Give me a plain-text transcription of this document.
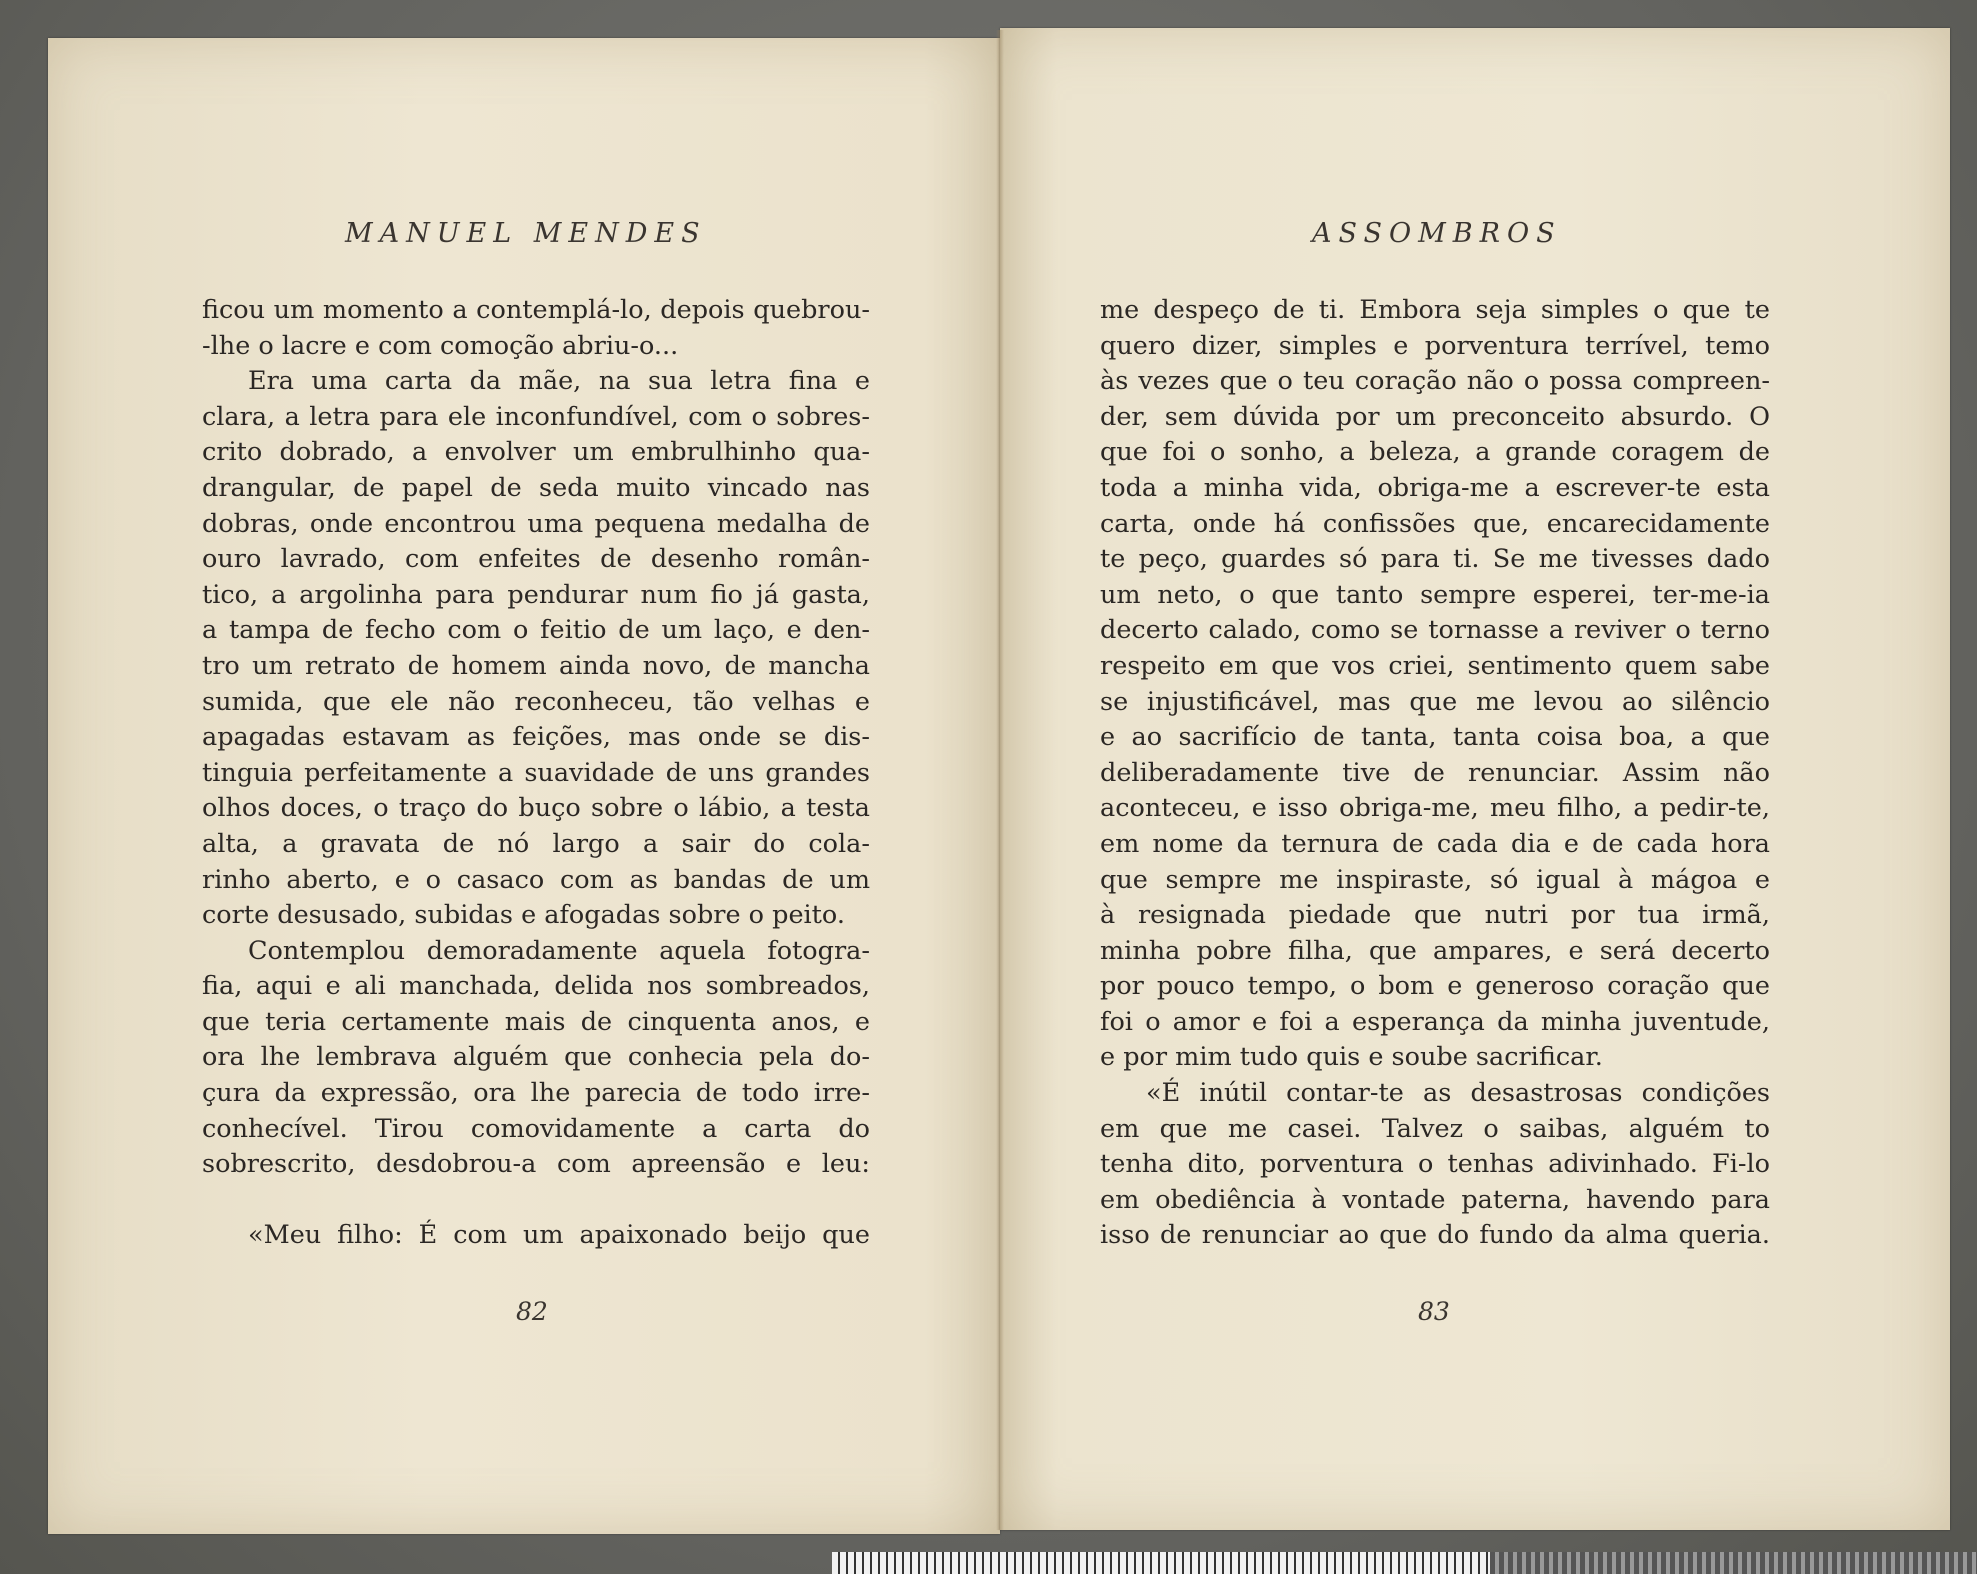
MANUEL MENDES	ASSOMBROS
ficou um momento a contemplá-lo, depois quebrou-
-lhe o lacre e com comoção abriu-o...
Era uma carta da mãe, na sua letra fina e
clara, a letra para ele inconfundível, com o sobres-
crito dobrado, a envolver um embrulhinho qua-
drangular, de papel de seda muito vincado nas
dobras, onde encontrou uma pequena medalha de
ouro lavrado, com enfeites de desenho român-
tico, a argolinha para pendurar num fio já gasta,
a tampa de fecho com o feitio de um laço, e den-
tro um retrato de homem ainda novo, de mancha
sumida, que ele não reconheceu, tão velhas e
apagadas estavam as feições, mas onde se dis-
tinguia perfeitamente a suavidade de uns grandes
olhos doces, o traço do buço sobre o lábio, a testa
alta, a gravata de nó largo a sair do cola-
rinho aberto, e o casaco com as bandas de um
corte desusado, subidas e afogadas sobre o peito.
Contemplou demoradamente aquela fotogra-
fia, aqui e ali manchada, delida nos sombreados,
que teria certamente mais de cinquenta anos, e
ora lhe lembrava alguém que conhecia pela do-
çura da expressão, ora lhe parecia de todo irre-
conhecível. Tirou comovidamente a carta do
sobrescrito, desdobrou-a com apreensão e leu:
«Meu filho: É com um apaixonado beijo que
me despeço de ti. Embora seja simples o que te
quero dizer, simples e porventura terrível, temo
às vezes que o teu coração não o possa compreen-
der, sem dúvida por um preconceito absurdo. O
que foi o sonho, a beleza, a grande coragem de
toda a minha vida, obriga-me a escrever-te esta
carta, onde há confissões que, encarecidamente
te peço, guardes só para ti. Se me tivesses dado
um neto, o que tanto sempre esperei, ter-me-ia
decerto calado, como se tornasse a reviver o terno
respeito em que vos criei, sentimento quem sabe
se injustificável, mas que me levou ao silêncio
e ao sacrifício de tanta, tanta coisa boa, a que
deliberadamente tive de renunciar. Assim não
aconteceu, e isso obriga-me, meu filho, a pedir-te,
em nome da ternura de cada dia e de cada hora
que sempre me inspiraste, só igual à mágoa e
à resignada piedade que nutri por tua irmã,
minha pobre filha, que ampares, e será decerto
por pouco tempo, o bom e generoso coração que
foi o amor e foi a esperança da minha juventude,
e por mim tudo quis e soube sacrificar.
«É inútil contar-te as desastrosas condições
em que me casei. Talvez o saibas, alguém to
tenha dito, porventura o tenhas adivinhado. Fi-lo
em obediência à vontade paterna, havendo para
isso de renunciar ao que do fundo da alma queria.
82	83
